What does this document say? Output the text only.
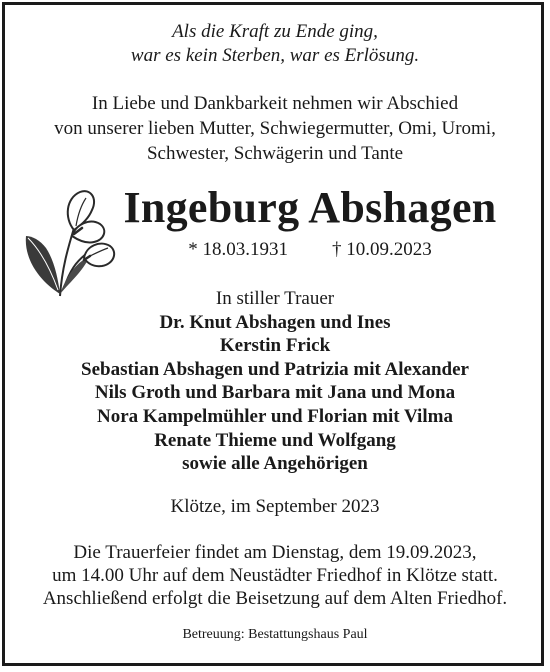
Als die Kraft zu Ende ging,
war es kein Sterben, war es Erlösung.
In Liebe und Dankbarkeit nehmen wir Abschied
von unserer lieben Mutter, Schwiegermutter, Omi, Uromi,
Schwester, Schwägerin und Tante
Ingeburg Abshagen
* 18.03.1931 † 10.09.2023
In stiller Trauer
Dr. Knut Abshagen und Ines
Kerstin Frick
Sebastian Abshagen und Patrizia mit Alexander
Nils Groth und Barbara mit Jana und Mona
Nora Kampelmühler und Florian mit Vilma
Renate Thieme und Wolfgang
sowie alle Angehörigen
Klötze, im September 2023
Die Trauerfeier findet am Dienstag, dem 19.09.2023,
um 14.00 Uhr auf dem Neustädter Friedhof in Klötze statt.
Anschließend erfolgt die Beisetzung auf dem Alten Friedhof.
Betreuung: Bestattungshaus Paul
